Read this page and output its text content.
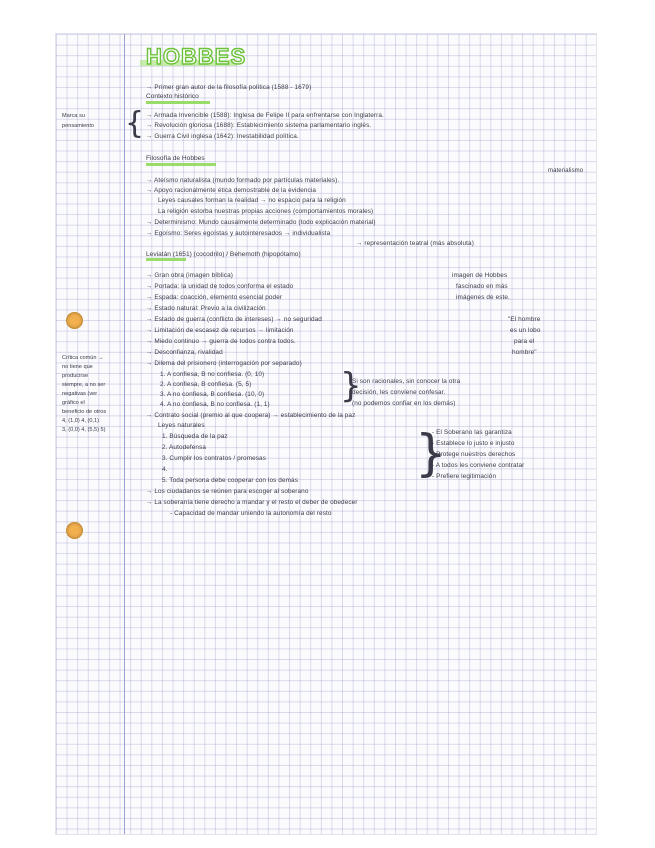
HOBBES
→ Primer gran autor de la filosofía política (1588 - 1679)
Contexto histórico
Marca su
pensamiento { → Armada Invencible (1588): Inglesa de Felipe II para enfrentarse con Inglaterra.
→ Revolución gloriosa (1688): Establecimiento sistema parlamentario inglés.
→ Guerra Civil inglesa (1642): Inestabilidad política.
Filosofía de Hobbes
materialismo
→ Ateísmo naturalista (mundo formado por partículas materiales).
→ Apoyo racionalmente ética demostrable de la evidencia
Leyes causales forman la realidad → no espacio para la religión
La religión estorba nuestras propias acciones (comportamientos morales)
→ Determinismo: Mundo causalmente determinado (todo explicación material)
→ Egoísmo: Seres egoístas y autointeresados → individualista
→ representación teatral (más absoluta)
Leviatán (1651) (cocodrilo) / Behemoth (hipopótamo)
→ Gran obra (imagen bíblica)
→ Portada: la unidad de todos conforma el estado
→ Espada: coacción, elemento esencial poder
→ Estado natural: Previo a la civilización
→ Estado de guerra (conflicto de intereses) → no seguridad
→ Limitación de escasez de recursos → limitación
→ Miedo continuo → guerra de todos contra todos.
→ Desconfianza, rivalidad
→ Dilema del prisionero (interrogación por separado)
imagen de Hobbes
fascinado en más
imágenes de este.
"El hombre
es un lobo
para el
hombre"
Crítica común →
no tiene que
producirse
siempre, a no ser
negativas (ver
gráfico el
beneficio de otros
4, (1,0) 4, (0,1)
3, (0,0) 4, (5,5) 5)
1. A confiesa, B no confiesa. (0, 10)
2. A confiesa, B confiesa. (5, 5)
3. A no confiesa, B confiesa. (10, 0)
4. A no confiesa, B no confiesa. (1, 1) }
Si son racionales, sin conocer la otra
decisión, les conviene confesar.
(no podemos confiar en los demás)
→ Contrato social (premio al que coopera) → establecimiento de la paz
Leyes naturales
1. Búsqueda de la paz
2. Autodefensa
3. Cumplir los contratos / promesas
4.
5. Toda persona debe cooperar con los demás }
- El Soberano las garantiza
- Establece lo justo e injusto
- Protege nuestros derechos
- A todos les conviene contratar
- Prefiere legitimación
→ Los ciudadanos se reúnen para escoger al soberano
→ La soberanía tiene derecho a mandar y el resto el deber de obedecer
- Capacidad de mandar uniendo la autonomía del resto
